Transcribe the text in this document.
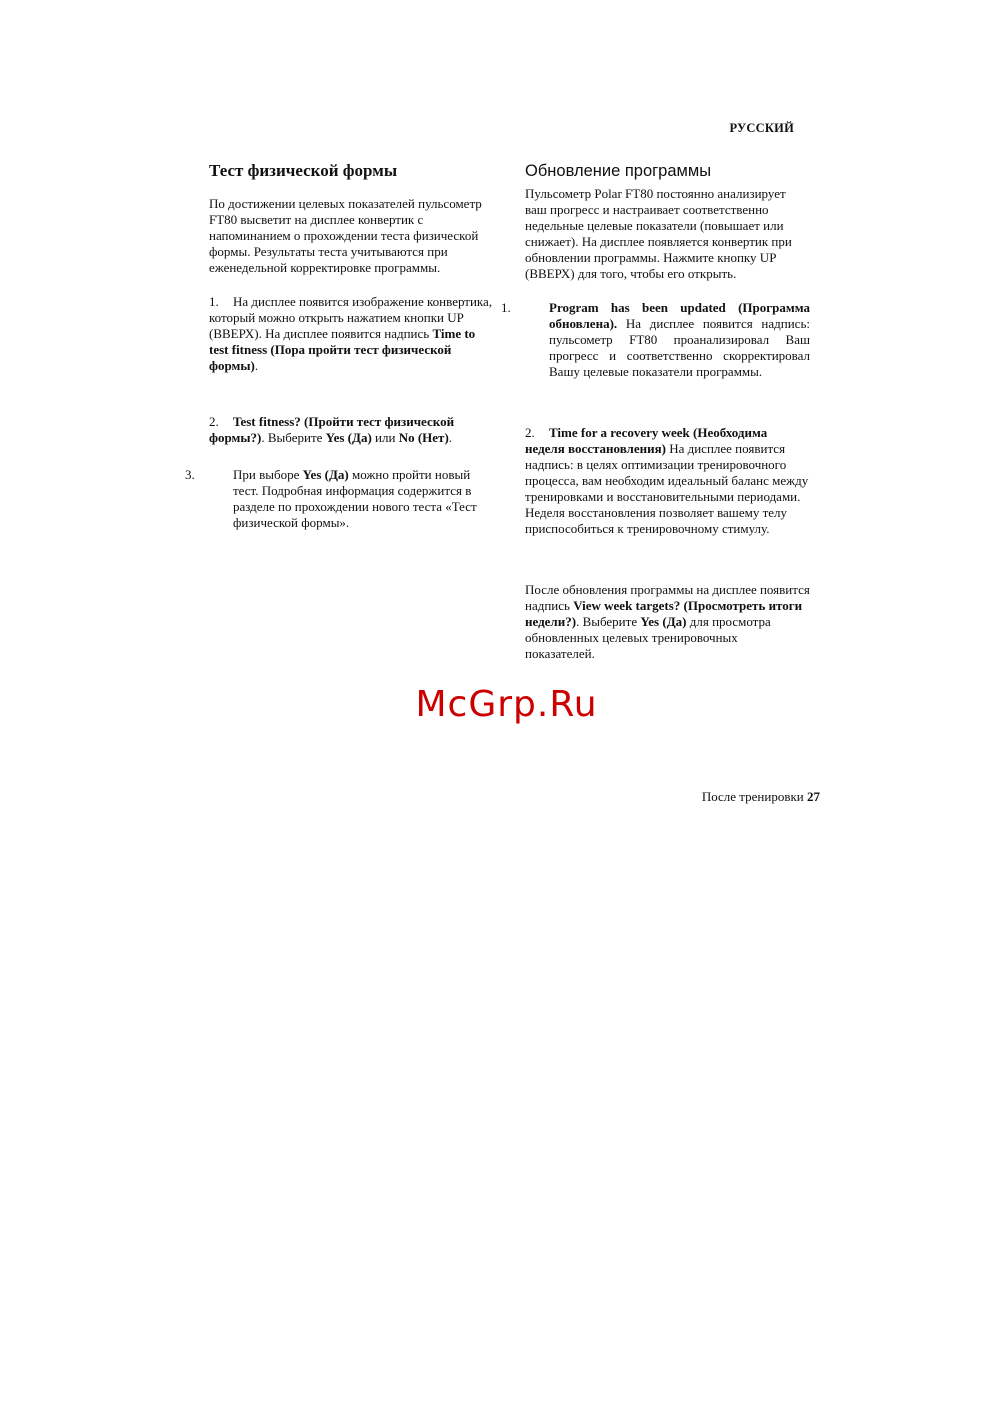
РУССКИЙ
Тест физической формы

По достижении целевых показателей пульсометр FT80 высветит на дисплее конвертик с напоминанием о прохождении теста физической формы. Результаты теста учитываются при еженедельной корректировке программы.

1. На дисплее появится изображение конвертика, который можно открыть нажатием кнопки UP (ВВЕРХ). На дисплее появится надпись Time to test fitness (Пора пройти тест физической формы).

2. Test fitness? (Пройти тест физической формы?). Выберите Yes (Да) или No (Нет).

3.	При выборе Yes (Да) можно пройти новый тест. Подробная информация содержится в разделе по прохождении нового теста «Тест физической формы».

Обновление программы

Пульсометр Polar FT80 постоянно анализирует ваш прогресс и настраивает соответственно недельные целевые показатели (повышает или снижает). На дисплее появляется конвертик при обновлении программы. Нажмите кнопку UP (ВВЕРХ) для того, чтобы его открыть.

1.	Program has been updated (Программа обновлена). На дисплее появится надпись: пульсометр FT80 проанализировал Ваш прогресс и соответственно скорректировал Вашу целевые показатели программы.

2. Time for a recovery week (Необходима неделя восстановления) На дисплее появится надпись: в целях оптимизации тренировочного процесса, вам необходим идеальный баланс между тренировками и восстановительными периодами. Неделя восстановления позволяет вашему телу приспособиться к тренировочному стимулу.

После обновления программы на дисплее появится надпись View week targets? (Просмотреть итоги недели?). Выберите Yes (Да) для просмотра обновленных целевых тренировочных показателей.

McGrp.Ru
После тренировки 27
